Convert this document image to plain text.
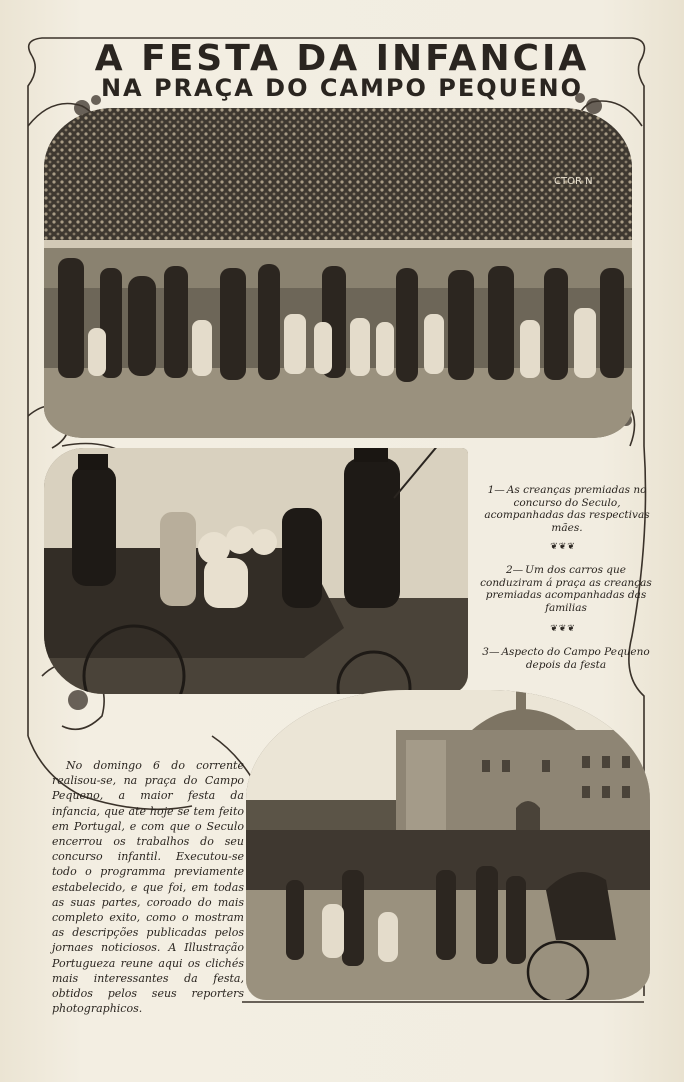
A FESTA DA INFANCIA
NA PRAÇA DO CAMPO PEQUENO
CTOR N

1— As creanças premiadas no concurso do Seculo, acompanhadas das respectivas mães.

❦❦❦

2— Um dos carros que conduziram á praça as creanças premiadas acompanhadas das familias

❦❦❦

3— Aspecto do Campo Pequeno depois da festa

No domingo 6 do corrente realisou-se, na praça do Campo Pequeno, a maior festa da infancia, que ate hoje se tem feito em Portugal, e com que o Seculo encerrou os trabalhos do seu concurso infantil. Executou-se todo o programma previamente estabelecido, e que foi, em todas as suas partes, coroado do mais completo exito, como o mostram as descripções publicadas pelos jornaes noticiosos. A Illustração Portugueza reune aqui os clichés mais interessantes da festa, obtidos pelos seus reporters photographicos.
